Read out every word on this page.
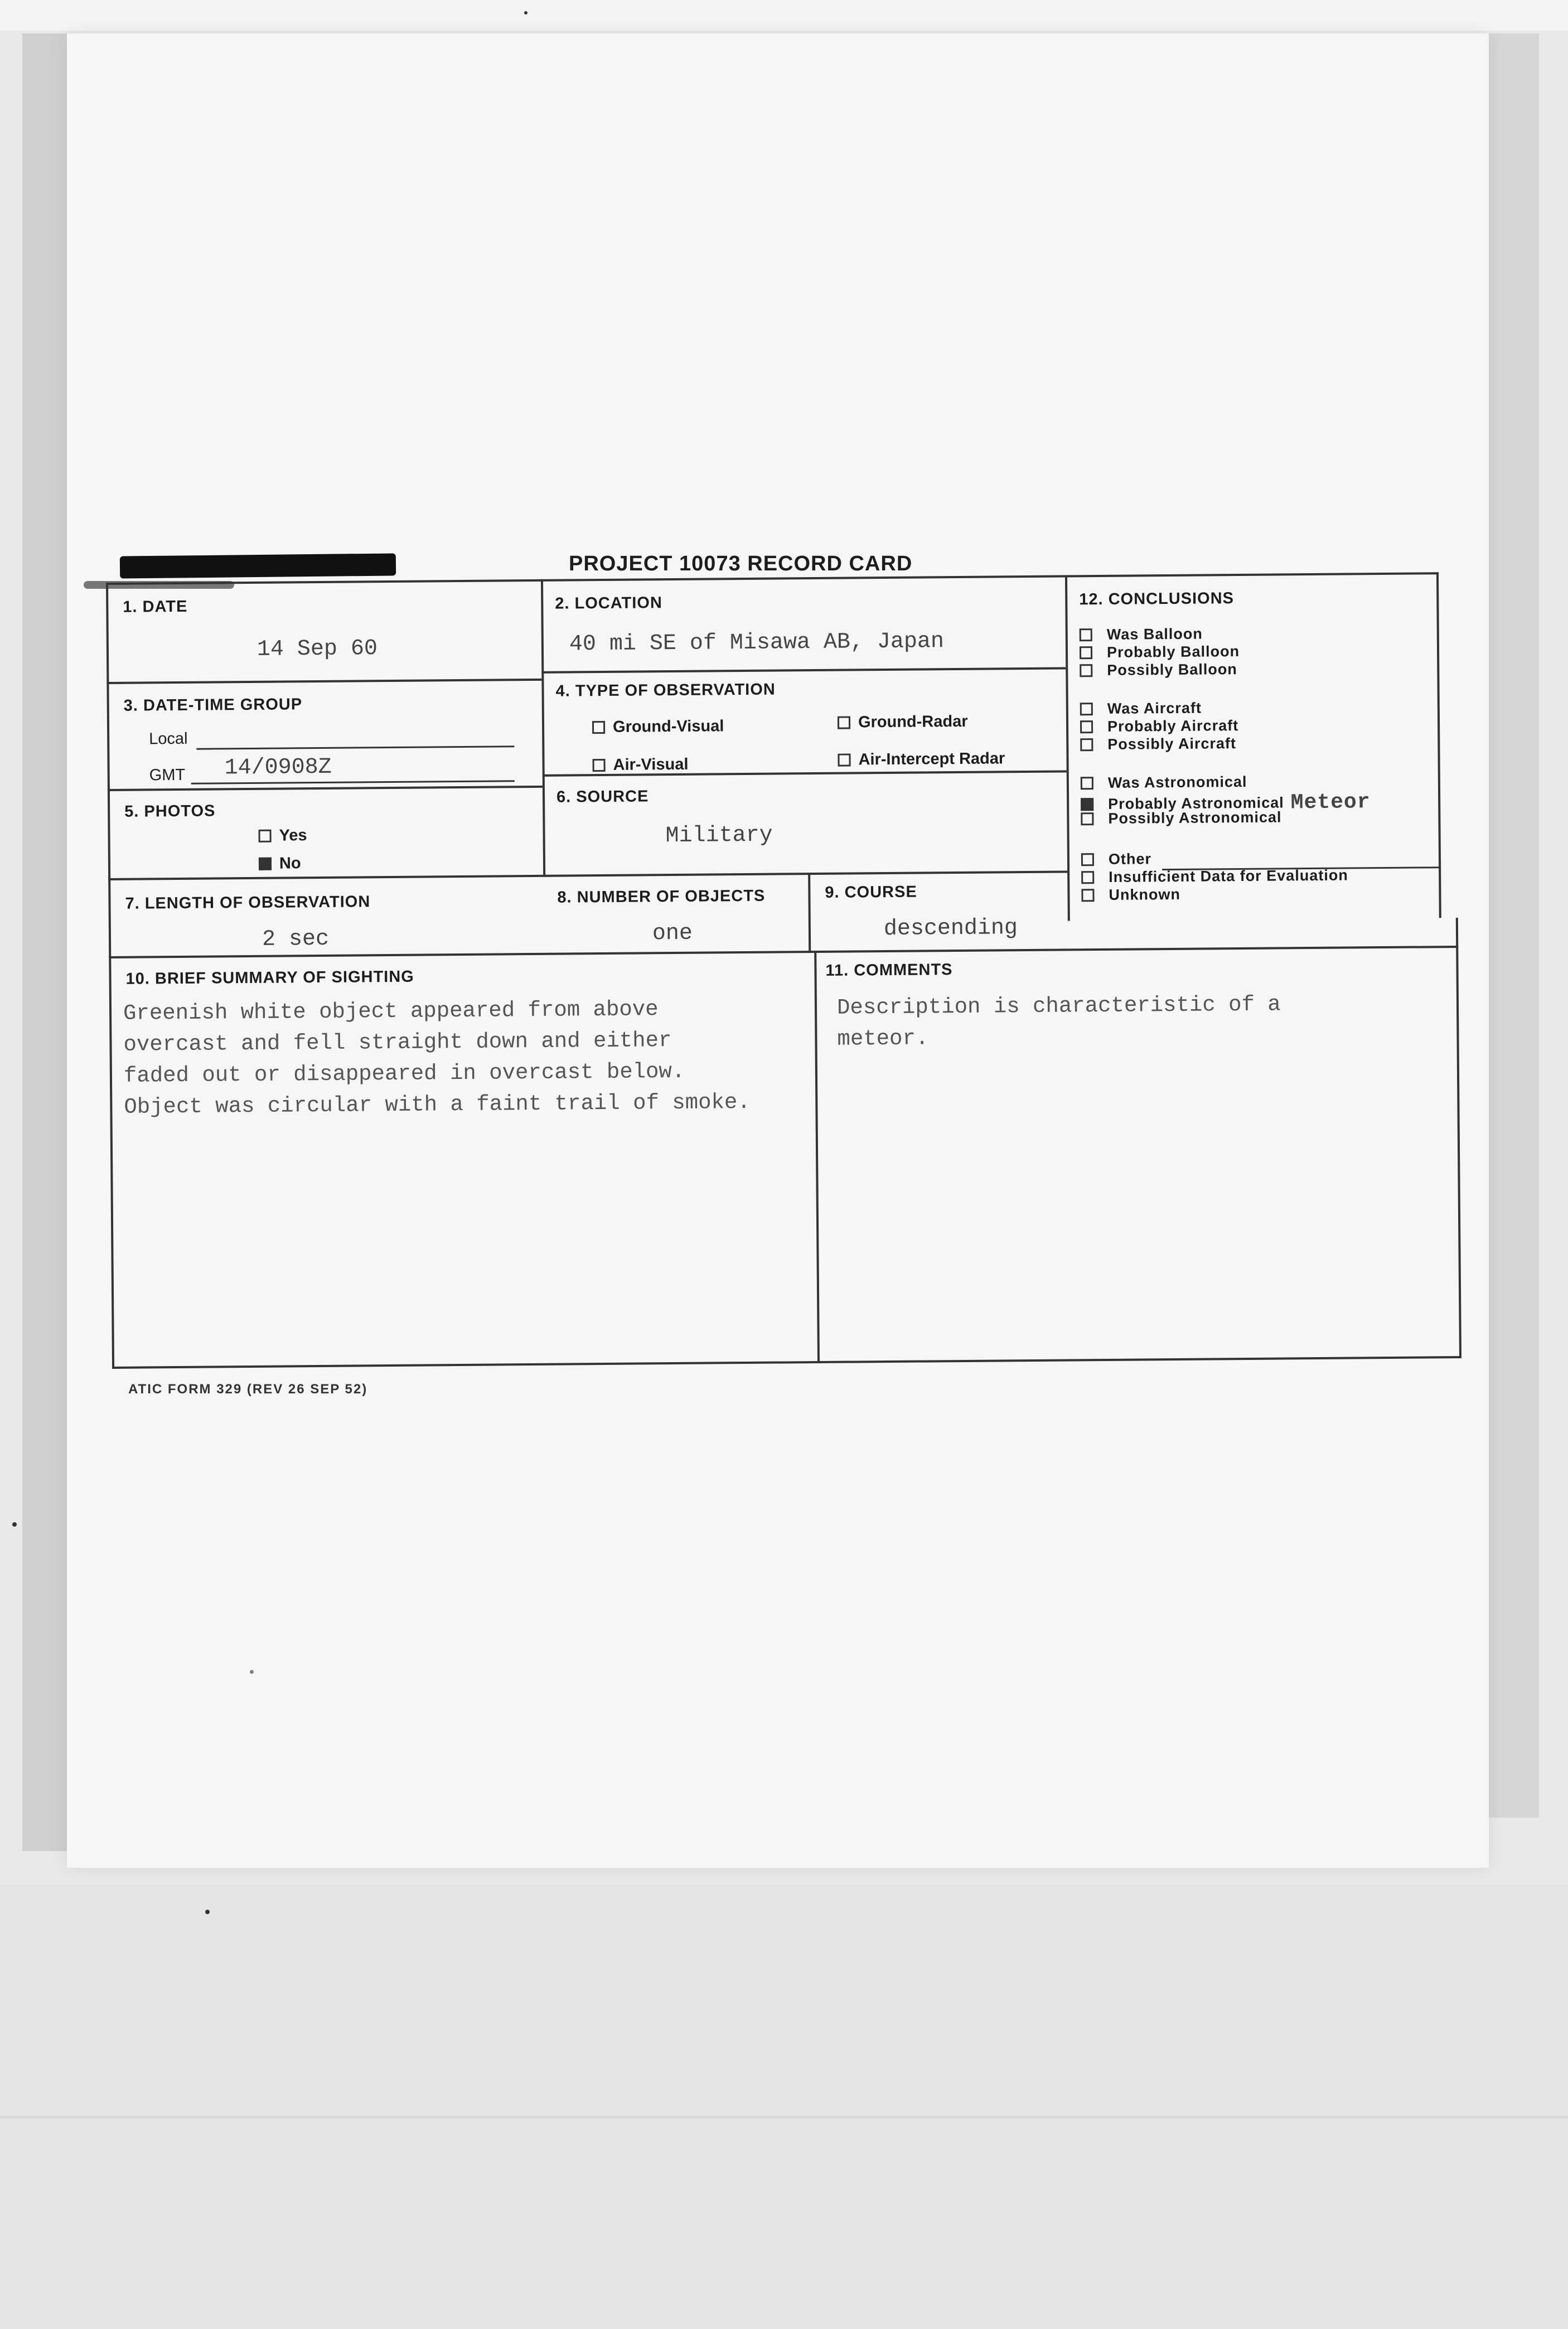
PROJECT 10073 RECORD CARD
1. DATE
14 Sep 60
2. LOCATION
40 mi SE of Misawa AB, Japan
3. DATE-TIME GROUP
Local
GMT 14/0908Z
4. TYPE OF OBSERVATION
Ground-Visual	Ground-Radar
Air-Visual	Air-Intercept Radar
5. PHOTOS
Yes
No
6. SOURCE
Military
7. LENGTH OF OBSERVATION
2 sec
8. NUMBER OF OBJECTS
one
9. COURSE
descending
10. BRIEF SUMMARY OF SIGHTING
Greenish white object appeared from above
overcast and fell straight down and either
faded out or disappeared in overcast below.
Object was circular with a faint trail of smoke.
11. COMMENTS
Description is characteristic of a
meteor.
12. CONCLUSIONS
Was Balloon
Probably Balloon
Possibly Balloon
Was Aircraft
Probably Aircraft
Possibly Aircraft
Was Astronomical
Probably Astronomical Meteor
Possibly Astronomical
Other
Insufficient Data for Evaluation
Unknown
ATIC FORM 329 (REV 26 SEP 52)
